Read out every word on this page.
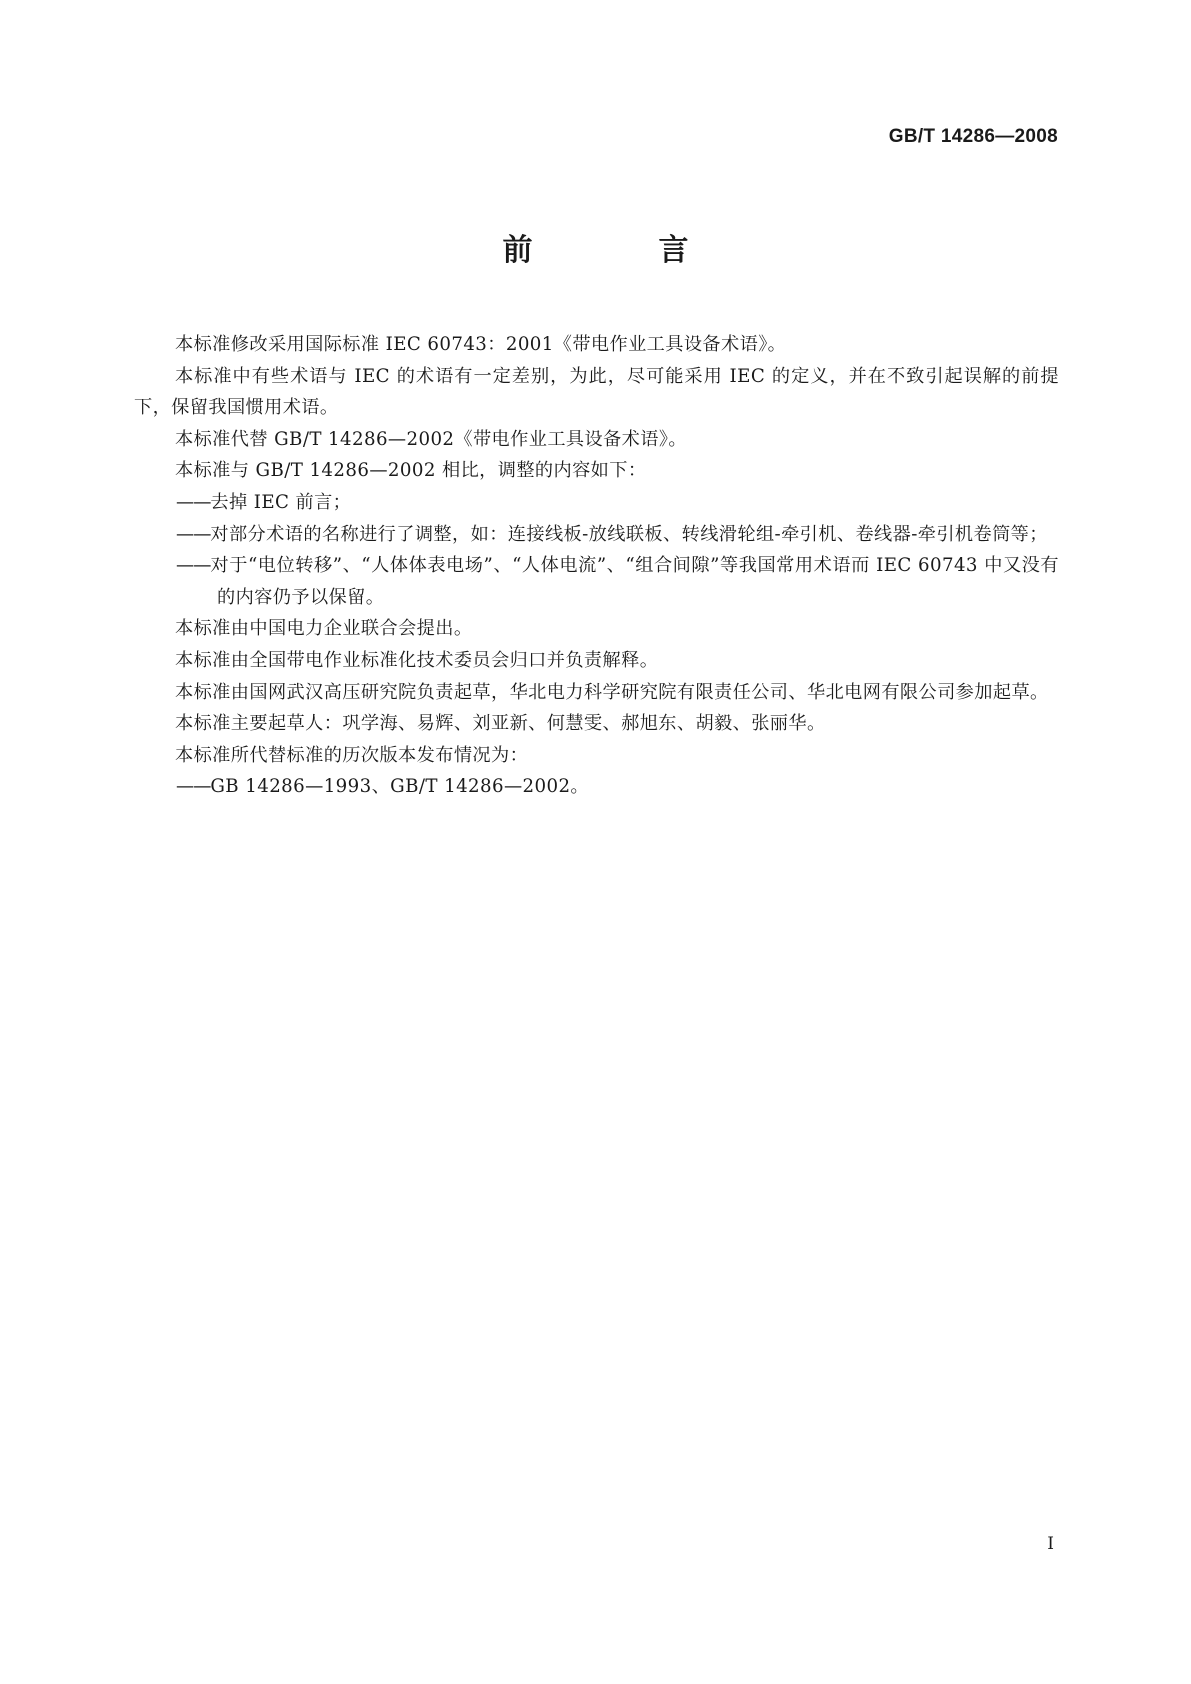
GB/T 14286—2008
前　言

本标准修改采用国际标准 IEC 60743：2001《带电作业工具设备术语》。

本标准中有些术语与 IEC 的术语有一定差别，为此，尽可能采用 IEC 的定义，并在不致引起误解的前提下，保留我国惯用术语。

本标准代替 GB/T 14286—2002《带电作业工具设备术语》。

本标准与 GB/T 14286—2002 相比，调整的内容如下：

——去掉 IEC 前言；

——对部分术语的名称进行了调整，如：连接线板-放线联板、转线滑轮组-牵引机、卷线器-牵引机卷筒等；

——对于“电位转移”、“人体体表电场”、“人体电流”、“组合间隙”等我国常用术语而 IEC 60743 中又没有的内容仍予以保留。

本标准由中国电力企业联合会提出。

本标准由全国带电作业标准化技术委员会归口并负责解释。

本标准由国网武汉高压研究院负责起草，华北电力科学研究院有限责任公司、华北电网有限公司参加起草。

本标准主要起草人：巩学海、易辉、刘亚新、何慧雯、郝旭东、胡毅、张丽华。

本标准所代替标准的历次版本发布情况为：

——GB 14286—1993、GB/T 14286—2002。

I
